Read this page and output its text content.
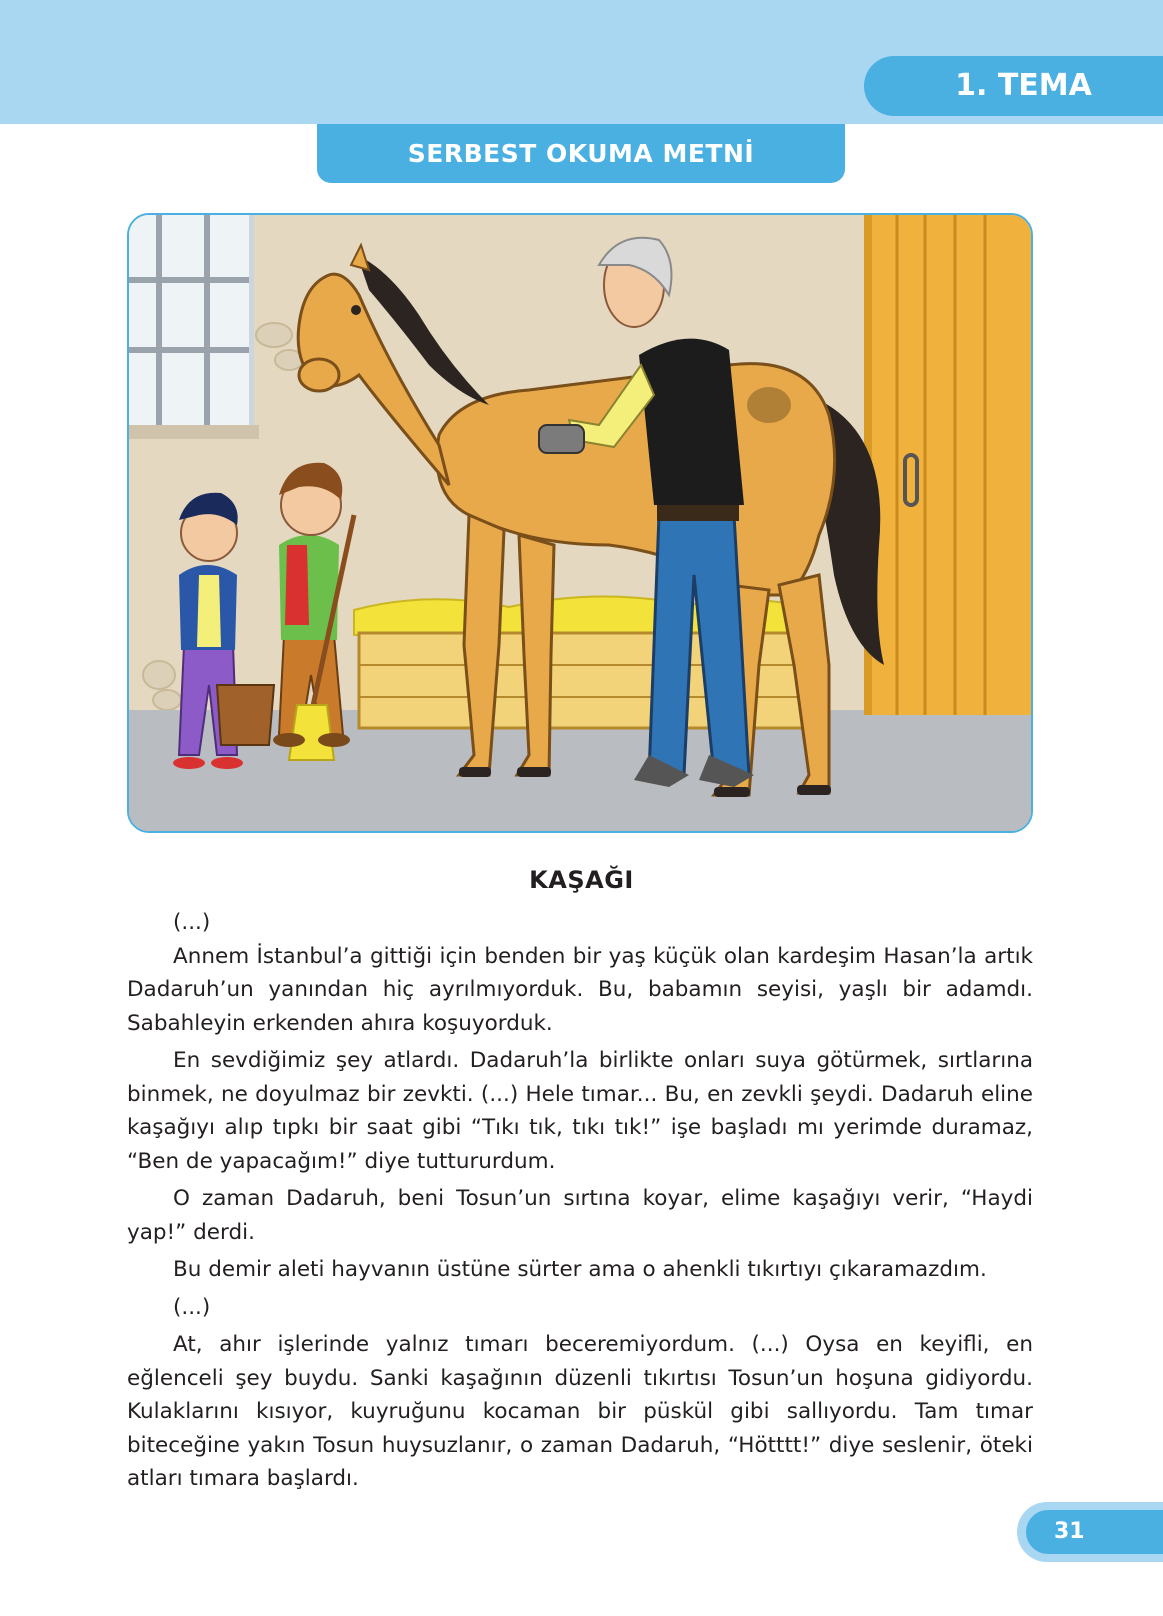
1. TEMA
SERBEST OKUMA METNİ
KAŞAĞI

(...)

Annem İstanbul’a gittiği için benden bir yaş küçük olan kardeşim Hasan’la artık Dadaruh’un yanından hiç ayrılmıyorduk. Bu, babamın seyisi, yaşlı bir adamdı. Sabahleyin erkenden ahıra koşuyorduk.

En sevdiğimiz şey atlardı. Dadaruh’la birlikte onları suya götürmek, sırtlarına binmek, ne doyulmaz bir zevkti. (...) Hele tımar... Bu, en zevkli şeydi. Dadaruh eline kaşağıyı alıp tıpkı bir saat gibi “Tıkı tık, tıkı tık!” işe başladı mı yerimde duramaz, “Ben de yapacağım!” diye tuttururdum.

O zaman Dadaruh, beni Tosun’un sırtına koyar, elime kaşağıyı verir, “Haydi yap!” derdi.

Bu demir aleti hayvanın üstüne sürter ama o ahenkli tıkırtıyı çıkaramazdım.

(...)

At, ahır işlerinde yalnız tımarı beceremiyordum. (...) Oysa en keyifli, en eğlenceli şey buydu. Sanki kaşağının düzenli tıkırtısı Tosun’un hoşuna gidiyordu. Kulaklarını kısıyor, kuyruğunu kocaman bir püskül gibi sallıyordu. Tam tımar biteceğine yakın Tosun huysuzlanır, o zaman Dadaruh, “Hötttt!” diye seslenir, öteki atları tımara başlardı.

31
